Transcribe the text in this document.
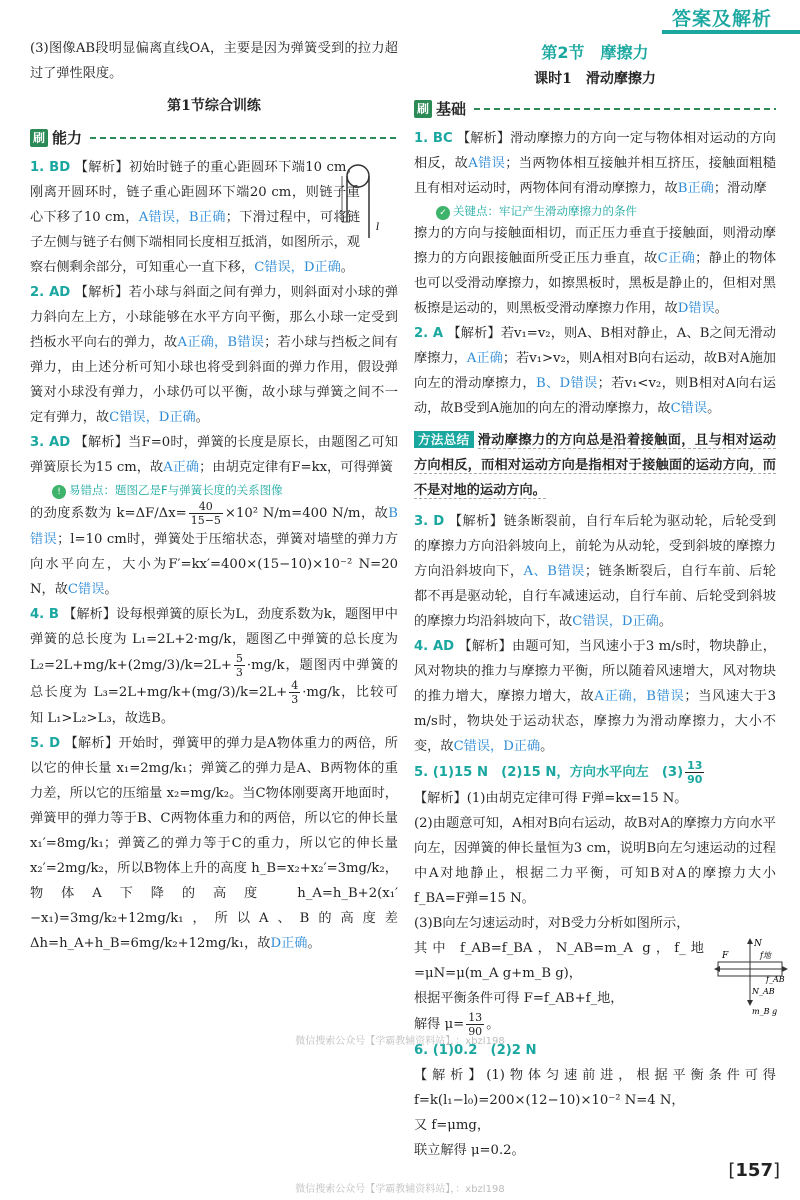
答案及解析

(3)图像AB段明显偏离直线OA，主要是因为弹簧受到的拉力超过了弹性限度。

第1节综合训练
刷 能力

1. BD 【解析】初始时链子的重心距圆环下端10 cm，刚离开圆环时，链子重心距圆环下端20 cm，则链子重心下移了10 cm，A错误，B正确；下滑过程中，可将链子左侧与链子右侧下端相同长度相互抵消，如图所示，观察右侧剩余部分，可知重心一直下移，C错误，D正确。

2. AD 【解析】若小球与斜面之间有弹力，则斜面对小球的弹力斜向左上方，小球能够在水平方向平衡，那么小球一定受到挡板水平向右的弹力，故A正确，B错误；若小球与挡板之间有弹力，由上述分析可知小球也将受到斜面的弹力作用，假设弹簧对小球没有弹力，小球仍可以平衡，故小球与弹簧之间不一定有弹力，故C错误，D正确。

3. AD 【解析】当F=0时，弹簧的长度是原长，由题图乙可知弹簧原长为15 cm，故A正确；由胡克定律有F=kx，可得弹簧

! 易错点：题图乙是F与弹簧长度的关系图像

的劲度系数为 $k=\Delta F/\Delta x= \frac{40}{15-5} \times 10^2$ N/m=400 N/m，故B错误；l=10 cm时，弹簧处于压缩状态，弹簧对墙壁的弹力方向水平向左，大小为F′=kx′=400×(15−10)×10⁻² N=20 N，故C错误。

4. B 【解析】设每根弹簧的原长为L，劲度系数为k，题图甲中弹簧的总长度为 L₁=2L+2·mg/k，题图乙中弹簧的总长度为 $L_2=2L+mg/k+(2mg/3)/k=2L+ \frac{5}{3} \cdot mg/k$，题图丙中弹簧的总长度为 $L_3=2L+mg/k+(mg/3)/k=2L+ \frac{4}{3} \cdot mg/k$，比较可知 L₁>L₂>L₃，故选B。

5. D 【解析】开始时，弹簧甲的弹力是A物体重力的两倍，所以它的伸长量 x₁=2mg/k₁；弹簧乙的弹力是A、B两物体的重力差，所以它的压缩量 x₂=mg/k₂。当C物体刚要离开地面时，弹簧甲的弹力等于B、C两物体重力和的两倍，所以它的伸长量 x₁′=8mg/k₁；弹簧乙的弹力等于C的重力，所以它的伸长量 x₂′=2mg/k₂，所以B物体上升的高度 h_B=x₂+x₂′=3mg/k₂，物体A下降的高度 h_A=h_B+2(x₁′−x₁)=3mg/k₂+12mg/k₁，所以A、B的高度差 Δh=h_A+h_B=6mg/k₂+12mg/k₁，故D正确。

l
第2节　摩擦力
课时1　滑动摩擦力
刷 基础

1. BC 【解析】滑动摩擦力的方向一定与物体相对运动的方向相反，故A错误；当两物体相互接触并相互挤压，接触面粗糙且有相对运动时，两物体间有滑动摩擦力，故B正确；滑动摩

✓ 关键点：牢记产生滑动摩擦力的条件

擦力的方向与接触面相切，而正压力垂直于接触面，则滑动摩擦力的方向跟接触面所受正压力垂直，故C正确；静止的物体也可以受滑动摩擦力，如擦黑板时，黑板是静止的，但相对黑板擦是运动的，则黑板受滑动摩擦力作用，故D错误。

2. A 【解析】若v₁=v₂，则A、B相对静止，A、B之间无滑动摩擦力，A正确；若v₁>v₂，则A相对B向右运动，故B对A施加向左的滑动摩擦力，B、D错误；若v₁<v₂，则B相对A向右运动，故B受到A施加的向左的滑动摩擦力，故C错误。

方法总结 滑动摩擦力的方向总是沿着接触面，且与相对运动方向相反，而相对运动方向是指相对于接触面的运动方向，而不是对地的运动方向。

3. D 【解析】链条断裂前，自行车后轮为驱动轮，后轮受到的摩擦力方向沿斜坡向上，前轮为从动轮，受到斜坡的摩擦力方向沿斜坡向下，A、B错误；链条断裂后，自行车前、后轮都不再是驱动轮，自行车减速运动，自行车前、后轮受到斜坡的摩擦力均沿斜坡向下，故C错误，D正确。

4. AD 【解析】由题可知，当风速小于3 m/s时，物块静止，风对物块的推力与摩擦力平衡，所以随着风速增大，风对物块的推力增大，摩擦力增大，故A正确，B错误；当风速大于3 m/s时，物块处于运动状态，摩擦力为滑动摩擦力，大小不变，故C错误，D正确。

5. (1)15 N　(2)15 N，方向水平向左　$(3) \frac{13}{90}$

【解析】(1)由胡克定律可得 F弹=kx=15 N。

(2)由题意可知，A相对B向右运动，故B对A的摩擦力方向水平向左，因弹簧的伸长量恒为3 cm，说明B向左匀速运动的过程中A对地静止，根据二力平衡，可知B对A的摩擦力大小 f_BA=F弹=15 N。

(3)B向左匀速运动时，对B受力分析如图所示，

其中 f_AB=f_BA，N_AB=m_A g，f_地=μN=μ(m_A g+m_B g)，

根据平衡条件可得 F=f_AB+f_地，

解得 $\mu= \frac{13}{90}$ 。

6. (1)0.2　(2)2 N

【解析】(1)物体匀速前进，根据平衡条件可得 f=k(l₁−l₀)=200×(12−10)×10⁻² N=4 N，

又 f=μmg，

联立解得 μ=0.2。

N
F	f地
f_AB
N_AB
m_B g
微信搜索公众号【学霸教辅资料站】，：xbzl198
微信搜索公众号【学霸教辅资料站】，：xbzl198
[157]
